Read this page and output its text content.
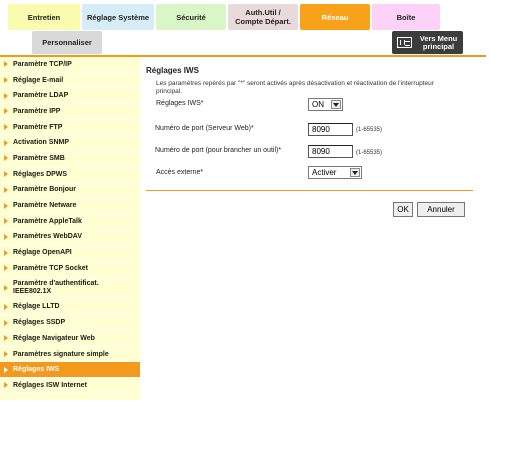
Entretien	Réglage Système	Sécurité	Auth.Util / Compte Départ.	Réseau	Boîte
Personnaliser	Vers Menu principal
Paramètre TCP/IP
Réglage E-mail
Paramètre LDAP
Paramètre IPP
Paramètre FTP
Activation SNMP
Paramètre SMB
Réglages DPWS
Paramètre Bonjour
Paramètre Netware
Paramètre AppleTalk
Paramètres WebDAV
Réglage OpenAPI
Paramètre TCP Socket
Paramètre d'authentificat. IEEE802.1X
Réglage LLTD
Réglages SSDP
Réglage Navigateur Web
Paramètres signature simple
Réglages IWS
Réglages ISW Internet
Réglages IWS
Les paramètres repérés par "*" seront activés après désactivation et réactivation de l'interrupteur principal.
Réglages IWS*	ON
Numéro de port (Serveur Web)*	8090	(1-65535)
Numéro de port (pour brancher un outil)*	8090	(1-65535)
Accès externe*	Activer
OK	Annuler
